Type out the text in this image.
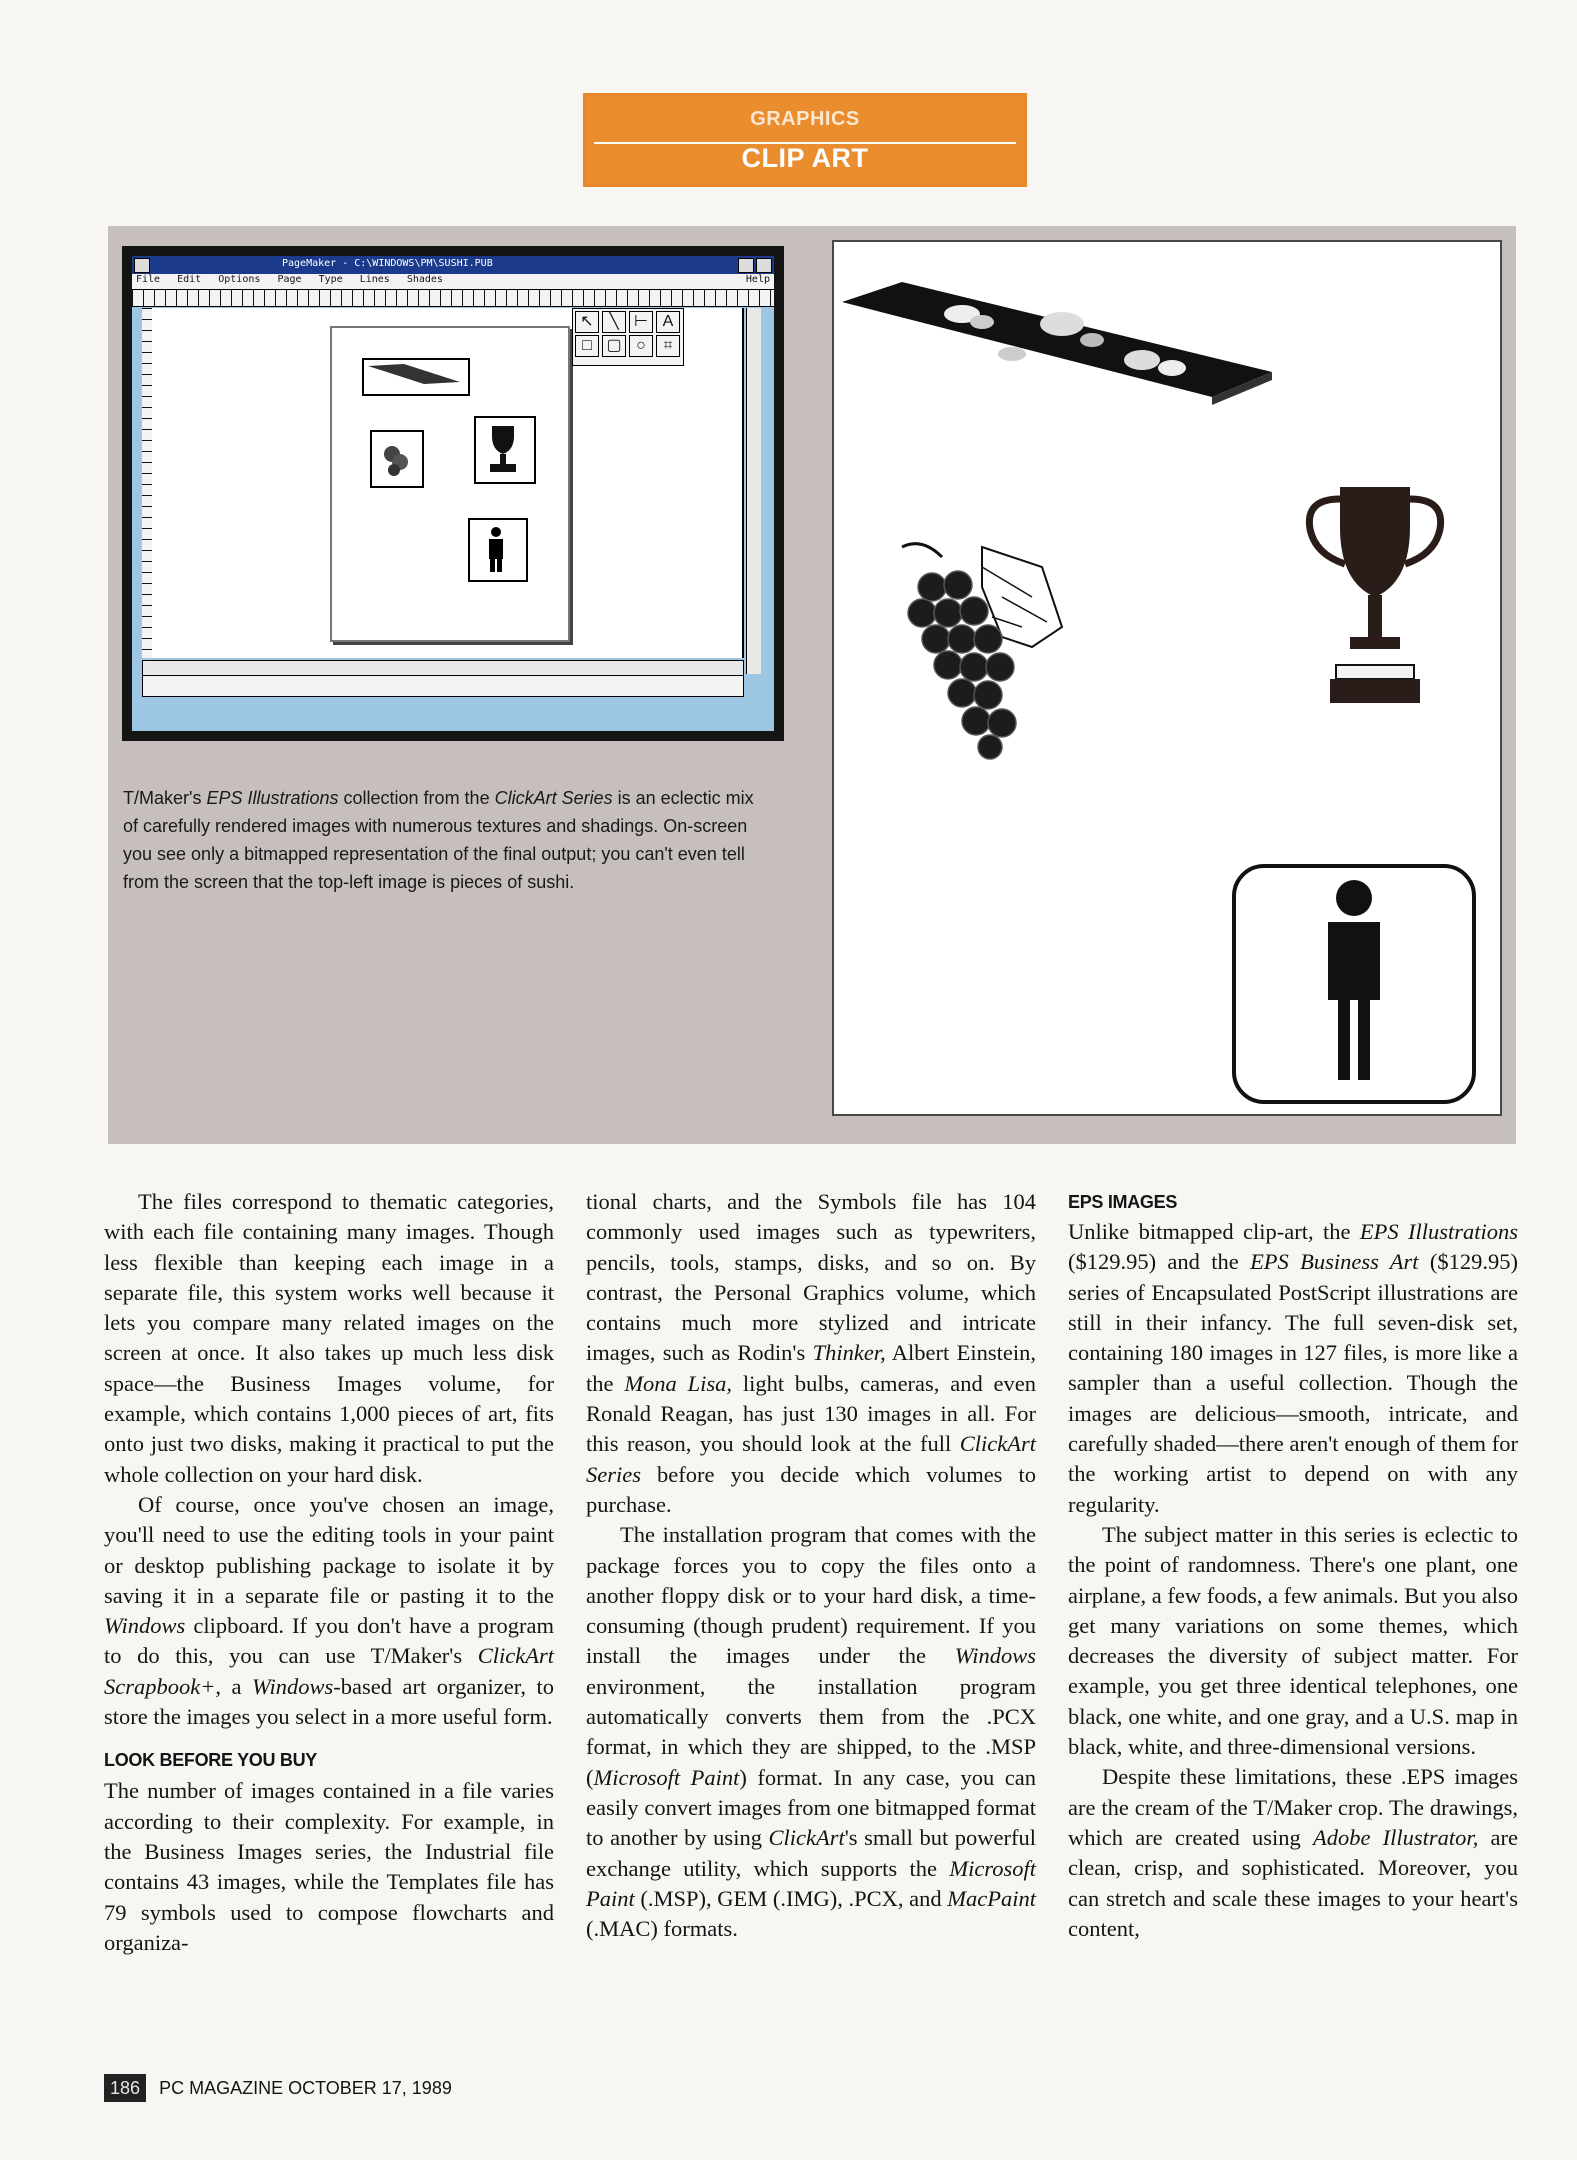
GRAPHICS
CLIP ART
PageMaker - C:\WINDOWS\PM\SUSHI.PUB
File Edit Options Page Type Lines Shades	Help
↖ ╲ ⊢ A
□ ▢ ○ ⌗

T/Maker's EPS Illustrations collection from the ClickArt Series is an eclectic mix of carefully rendered images with numerous textures and shadings. On-screen you see only a bitmapped representation of the final output; you can't even tell from the screen that the top-left image is pieces of sushi.

The files correspond to thematic categories, with each file containing many images. Though less flexible than keeping each image in a separate file, this system works well because it lets you compare many related images on the screen at once. It also takes up much less disk space—the Business Images volume, for example, which contains 1,000 pieces of art, fits onto just two disks, making it practical to put the whole collection on your hard disk.

Of course, once you've chosen an image, you'll need to use the editing tools in your paint or desktop publishing package to isolate it by saving it in a separate file or pasting it to the Windows clipboard. If you don't have a program to do this, you can use T/Maker's ClickArt Scrapbook+, a Windows-based art organizer, to store the images you select in a more useful form.

LOOK BEFORE YOU BUY

The number of images contained in a file varies according to their complexity. For example, in the Business Images series, the Industrial file contains 43 images, while the Templates file has 79 symbols used to compose flowcharts and organiza-

tional charts, and the Symbols file has 104 commonly used images such as typewriters, pencils, tools, stamps, disks, and so on. By contrast, the Personal Graphics volume, which contains much more stylized and intricate images, such as Rodin's Thinker, Albert Einstein, the Mona Lisa, light bulbs, cameras, and even Ronald Reagan, has just 130 images in all. For this reason, you should look at the full ClickArt Series before you decide which volumes to purchase.

The installation program that comes with the package forces you to copy the files onto a another floppy disk or to your hard disk, a time-consuming (though prudent) requirement. If you install the images under the Windows environment, the installation program automatically converts them from the .PCX format, in which they are shipped, to the .MSP (Microsoft Paint) format. In any case, you can easily convert images from one bitmapped format to another by using ClickArt's small but powerful exchange utility, which supports the Microsoft Paint (.MSP), GEM (.IMG), .PCX, and MacPaint (.MAC) formats.

EPS IMAGES

Unlike bitmapped clip-art, the EPS Illustrations ($129.95) and the EPS Business Art ($129.95) series of Encapsulated PostScript illustrations are still in their infancy. The full seven-disk set, containing 180 images in 127 files, is more like a sampler than a useful collection. Though the images are delicious—smooth, intricate, and carefully shaded—there aren't enough of them for the working artist to depend on with any regularity.

The subject matter in this series is eclectic to the point of randomness. There's one plant, one airplane, a few foods, a few animals. But you also get many variations on some themes, which decreases the diversity of subject matter. For example, you get three identical telephones, one black, one white, and one gray, and a U.S. map in black, white, and three-dimensional versions.

Despite these limitations, these .EPS images are the cream of the T/Maker crop. The drawings, which are created using Adobe Illustrator, are clean, crisp, and sophisticated. Moreover, you can stretch and scale these images to your heart's content,

186 PC MAGAZINE OCTOBER 17, 1989
